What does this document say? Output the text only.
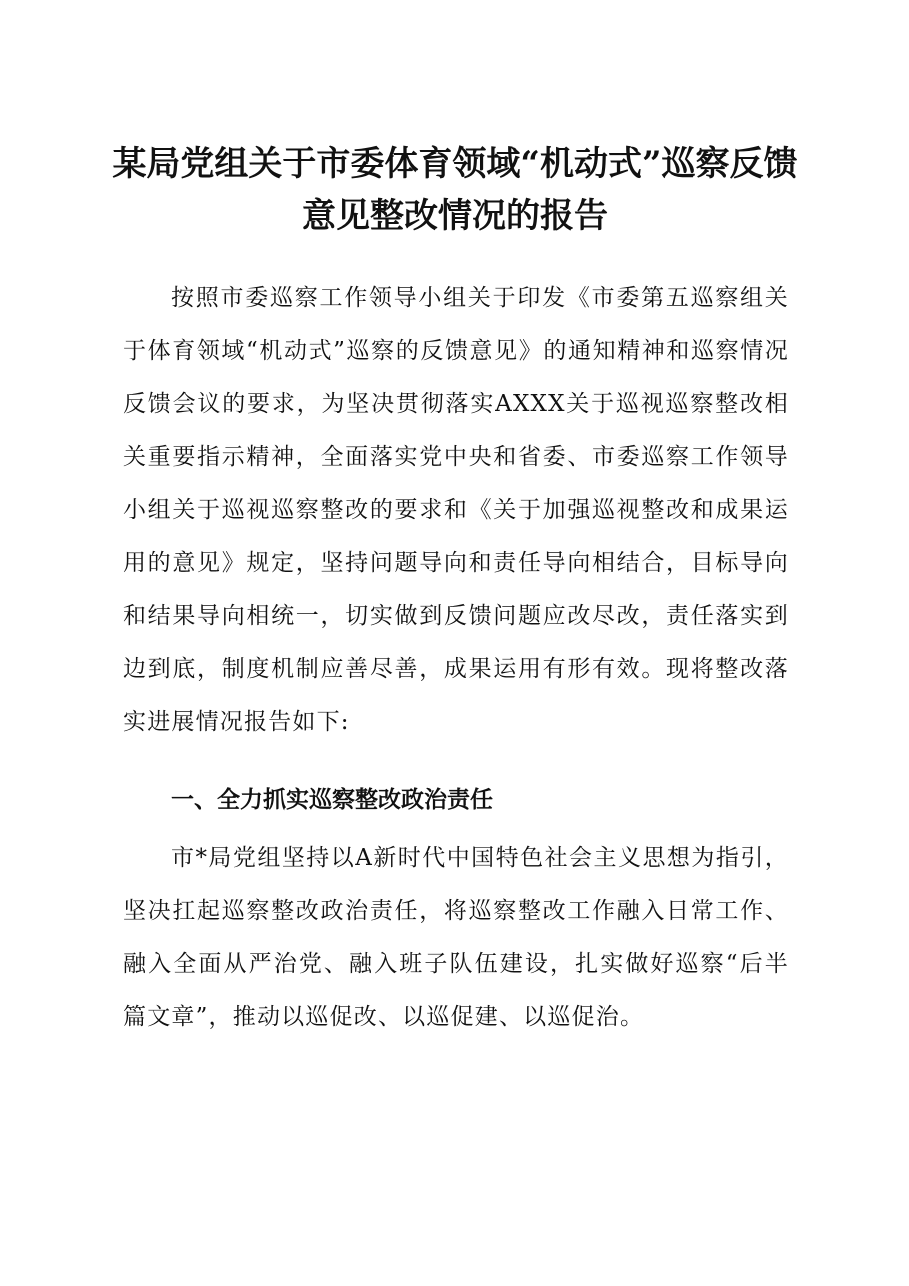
某局党组关于市委体育领域“机动式”巡察反馈意见整改情况的报告

按照市委巡察工作领导小组关于印发《市委第五巡察组关于体育领域“机动式”巡察的反馈意见》的通知精神和巡察情况反馈会议的要求，为坚决贯彻落实AXXX关于巡视巡察整改相关重要指示精神，全面落实党中央和省委、市委巡察工作领导小组关于巡视巡察整改的要求和《关于加强巡视整改和成果运用的意见》规定，坚持问题导向和责任导向相结合，目标导向和结果导向相统一，切实做到反馈问题应改尽改，责任落实到边到底，制度机制应善尽善，成果运用有形有效。现将整改落实进展情况报告如下:

一、全力抓实巡察整改政治责任

市*局党组坚持以A新时代中国特色社会主义思想为指引，坚决扛起巡察整改政治责任，将巡察整改工作融入日常工作、融入全面从严治党、融入班子队伍建设，扎实做好巡察“后半篇文章”，推动以巡促改、以巡促建、以巡促治。
